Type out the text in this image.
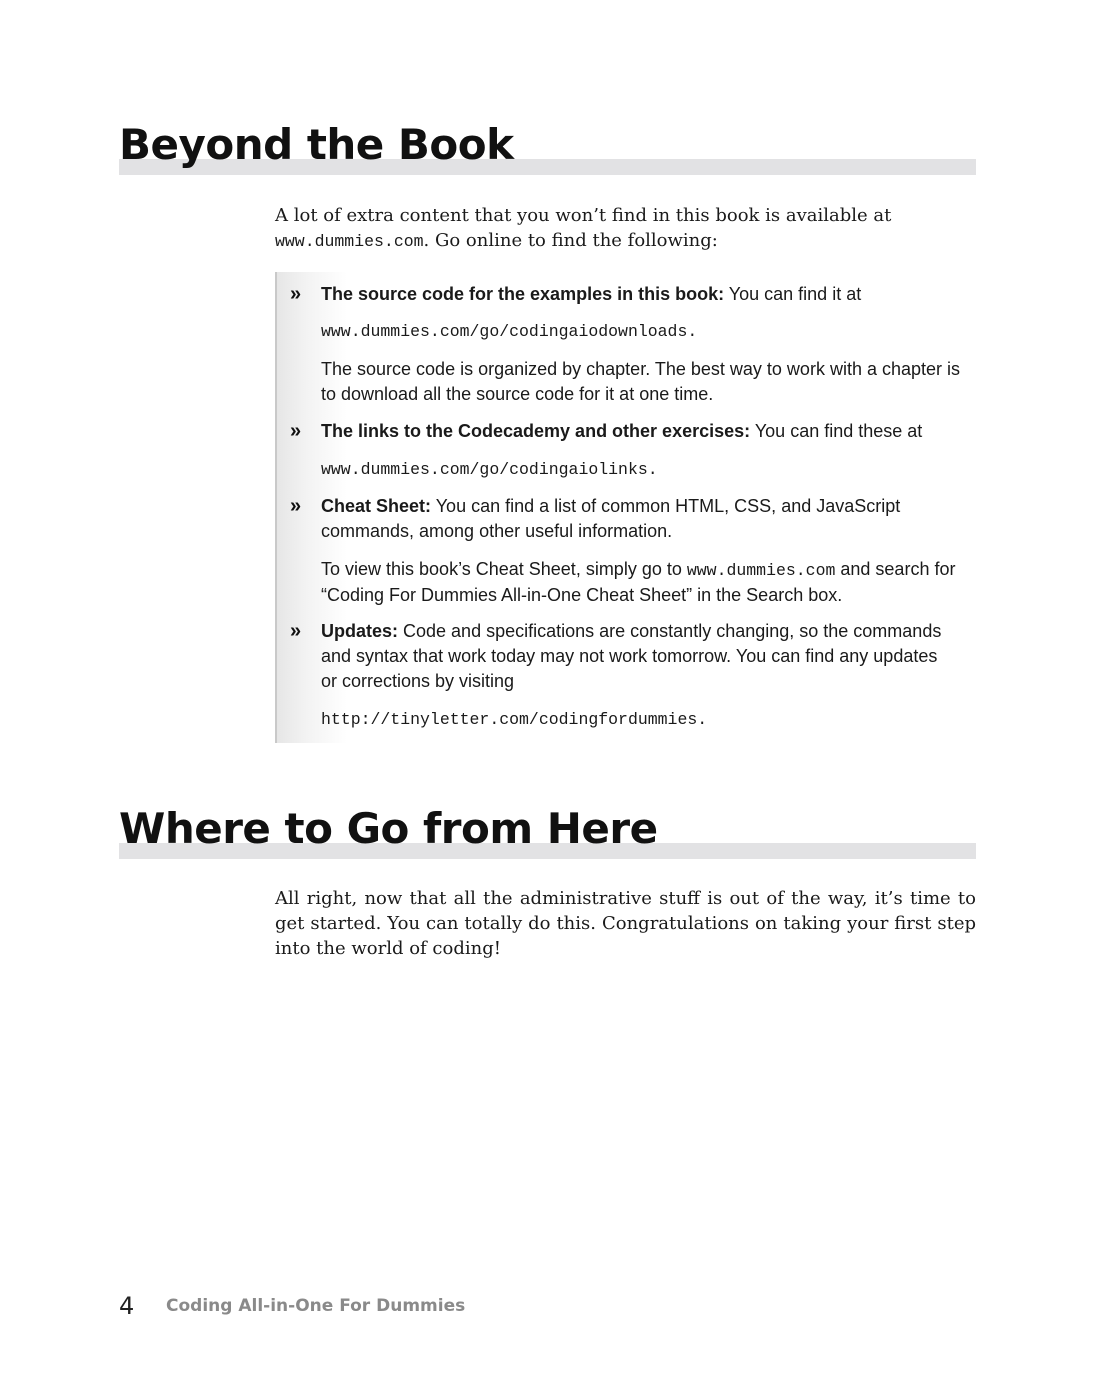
Beyond the Book

A lot of extra content that you won’t find in this book is available at www.dummies.com. Go online to find the following:

» The source code for the examples in this book: You can find it at
www.dummies.com/go/codingaiodownloads.
The source code is organized by chapter. The best way to work with a chapter is to download all the source code for it at one time.
» The links to the Codecademy and other exercises: You can find these at
www.dummies.com/go/codingaiolinks.
» Cheat Sheet: You can find a list of common HTML, CSS, and JavaScript commands, among other useful information.
To view this book’s Cheat Sheet, simply go to www.dummies.com and search for “Coding For Dummies All-in-One Cheat Sheet” in the Search box.
» Updates: Code and specifications are constantly changing, so the commands and syntax that work today may not work tomorrow. You can find any updates or corrections by visiting
http://tinyletter.com/codingfordummies.
Where to Go from Here

All right, now that all the administrative stuff is out of the way, it’s time to get started. You can totally do this. Congratulations on taking your first step into the world of coding!

4 Coding All-in-One For Dummies
